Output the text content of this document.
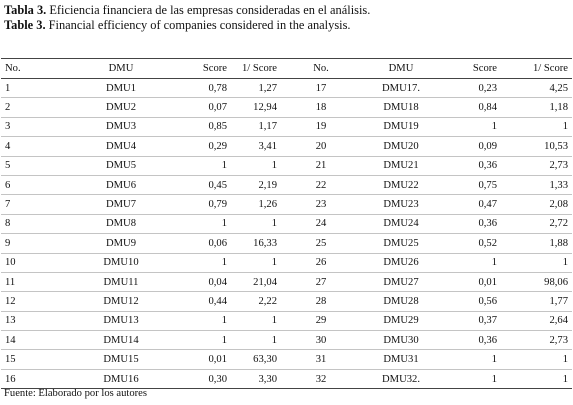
Tabla 3. Eficiencia financiera de las empresas consideradas en el análisis.
Table 3. Financial efficiency of companies considered in the analysis.
No.	DMU	Score	1/ Score	No.	DMU	Score	1/ Score
1	DMU1	0,78	1,27	17	DMU17.	0,23	4,25
2	DMU2	0,07	12,94	18	DMU18	0,84	1,18
3	DMU3	0,85	1,17	19	DMU19	1	1
4	DMU4	0,29	3,41	20	DMU20	0,09	10,53
5	DMU5	1	1	21	DMU21	0,36	2,73
6	DMU6	0,45	2,19	22	DMU22	0,75	1,33
7	DMU7	0,79	1,26	23	DMU23	0,47	2,08
8	DMU8	1	1	24	DMU24	0,36	2,72
9	DMU9	0,06	16,33	25	DMU25	0,52	1,88
10	DMU10	1	1	26	DMU26	1	1
11	DMU11	0,04	21,04	27	DMU27	0,01	98,06
12	DMU12	0,44	2,22	28	DMU28	0,56	1,77
13	DMU13	1	1	29	DMU29	0,37	2,64
14	DMU14	1	1	30	DMU30	0,36	2,73
15	DMU15	0,01	63,30	31	DMU31	1	1
16	DMU16	0,30	3,30	32	DMU32.	1	1
Fuente: Elaborado por los autores
